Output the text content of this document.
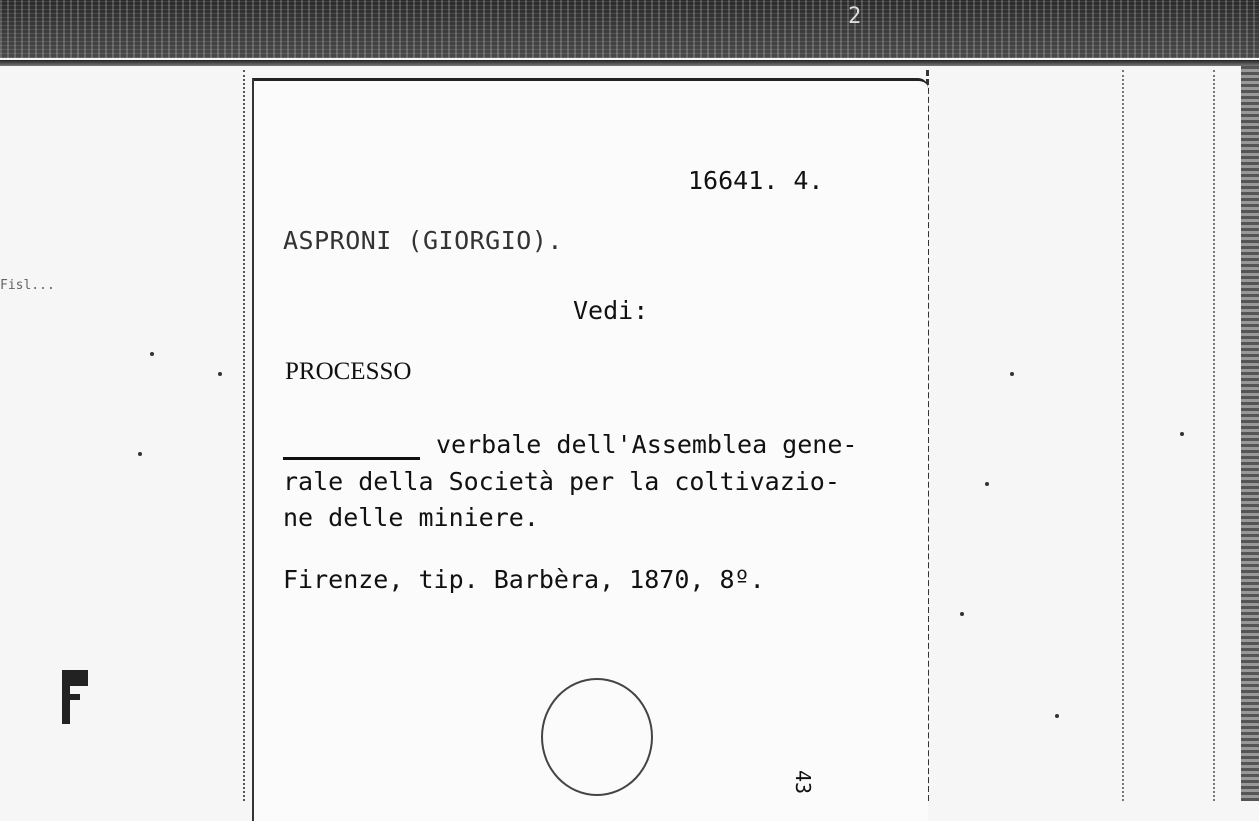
2
Fisl...
16641. 4.
ASPRONI (GIORGIO).
Vedi:
PROCESSO
verbale dell'Assemblea gene-
rale della Società per la coltivazio-
ne delle miniere.
Firenze, tip. Barbèra, 1870, 8º.
43
